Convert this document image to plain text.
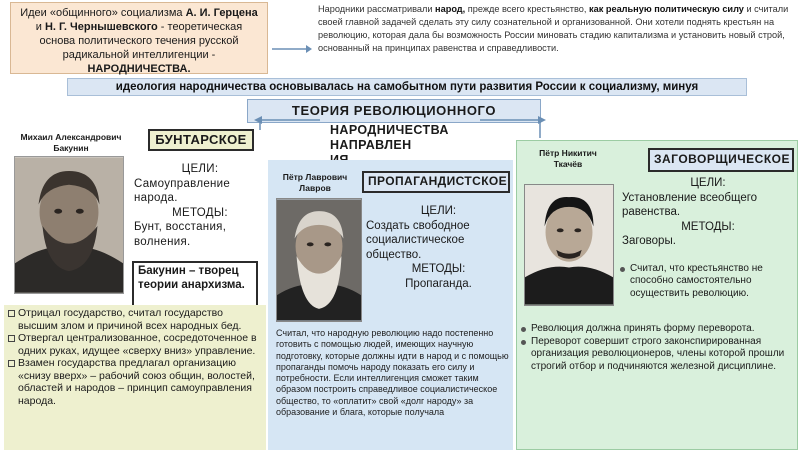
Идеи «общинного» социализма А. И. Герцена и Н. Г. Чернышевского - теоретическая основа политического течения русской радикальной интеллигенции - НАРОДНИЧЕСТВА.
Народники рассматривали народ, прежде всего крестьянство, как реальную политическую силу и считали своей главной задачей сделать эту силу сознательной и организованной. Они хотели поднять крестьян на революцию, которая дала бы возможность России миновать стадию капитализма и установить новый строй, основанный на принципах равенства и справедливости.
идеология народничества основывалась на самобытном пути развития России к социализму, минуя
ТЕОРИЯ РЕВОЛЮЦИОННОГО
НАРОДНИЧЕСТВА
НАПРАВЛЕН
Михаил Александрович Бакунин
БУНТАРСКОЕ
ЦЕЛИ:
Самоуправление народа.
МЕТОДЫ:
Бунт, восстания, волнения.
Бакунин – творец теории анархизма.
Отрицал государство, считал государство высшим злом и причиной всех народных бед.
Отвергал централизованное, сосредоточенное в одних руках, идущее «сверху вниз» управление.
Взамен государства предлагал организацию «снизу вверх» – рабочий союз общин, волостей, областей и народов – принцип самоуправления народа.
Пётр Лаврович Лавров	ПРОПАГАНДИСТСКОЕ
ЦЕЛИ:
Создать свободное социалистическое общество.
МЕТОДЫ:
Пропаганда.
Считал, что народную революцию надо постепенно готовить с помощью людей, имеющих научную подготовку, которые должны идти в народ и с помощью пропаганды помочь народу показать его силу и потребности. Если интеллигенция сможет таким образом построить справедливое социалистическое общество, то «оплатит» свой «долг народу» за образование и блага, которые получала
Пётр Никитич Ткачёв	ЗАГОВОРЩИЧЕСКОЕ
ЦЕЛИ:
Установление всеобщего равенства.
МЕТОДЫ:
Заговоры.
Считал, что крестьянство не способно самостоятельно осуществить революцию.
Революция должна принять форму переворота.
Переворот совершит строго законспирированная организация революционеров, члены которой прошли строгий отбор и подчиняются железной дисциплине.
